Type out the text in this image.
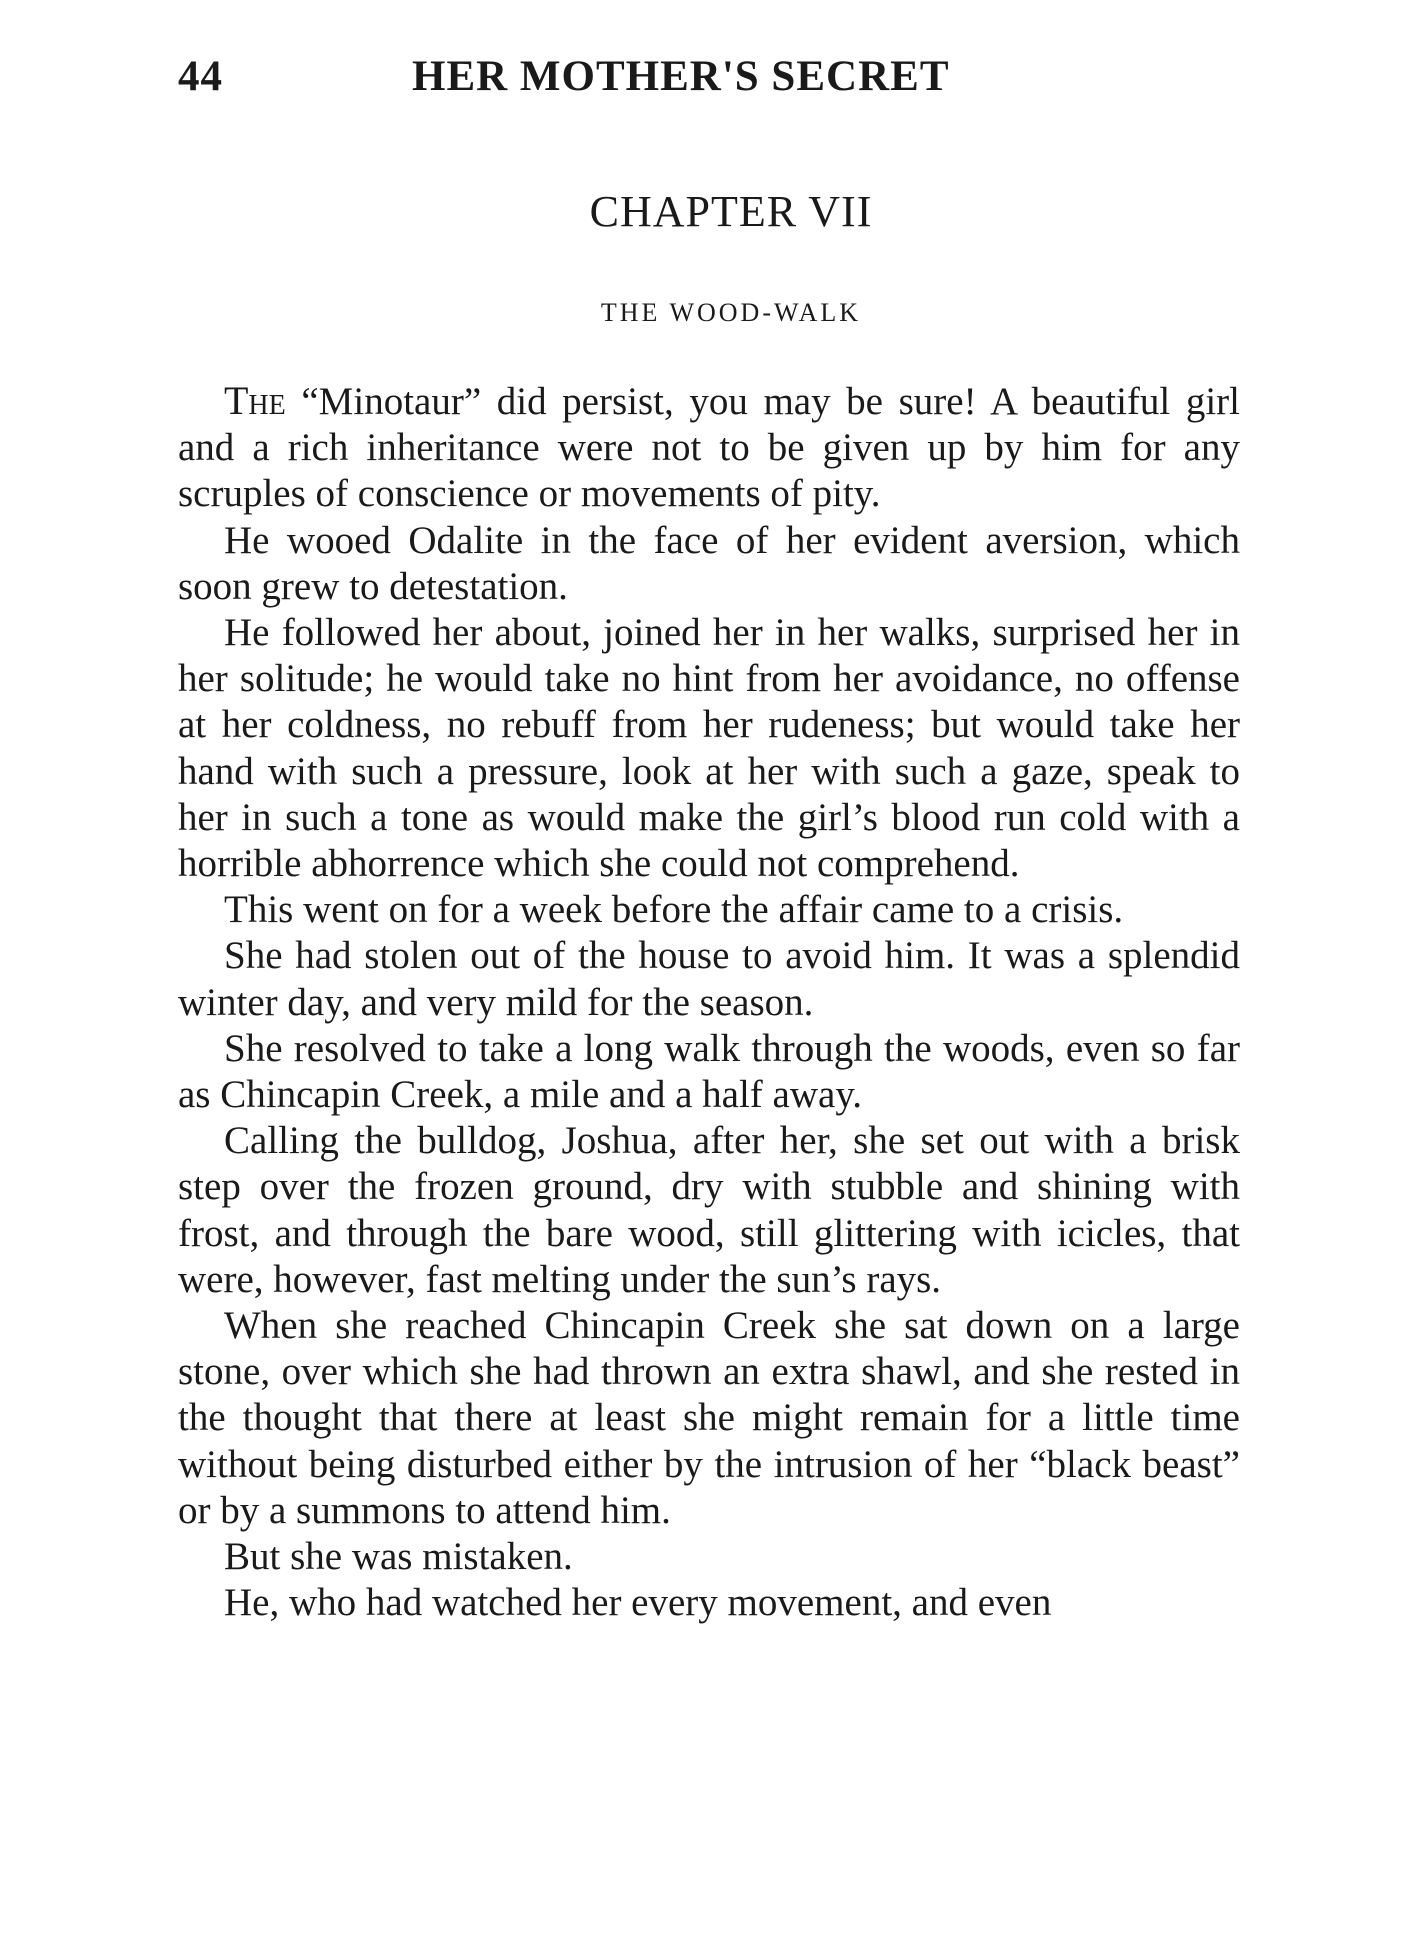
44	HER MOTHER'S SECRET
CHAPTER VII
THE WOOD-WALK

The “Minotaur” did persist, you may be sure! A beautiful girl and a rich inheritance were not to be given up by him for any scruples of conscience or movements of pity.

He wooed Odalite in the face of her evident aversion, which soon grew to detestation.

He followed her about, joined her in her walks, surprised her in her solitude; he would take no hint from her avoidance, no offense at her coldness, no rebuff from her rudeness; but would take her hand with such a pressure, look at her with such a gaze, speak to her in such a tone as would make the girl’s blood run cold with a horrible abhorrence which she could not comprehend.

This went on for a week before the affair came to a crisis.

She had stolen out of the house to avoid him. It was a splendid winter day, and very mild for the season.

She resolved to take a long walk through the woods, even so far as Chincapin Creek, a mile and a half away.

Calling the bulldog, Joshua, after her, she set out with a brisk step over the frozen ground, dry with stubble and shining with frost, and through the bare wood, still glittering with icicles, that were, however, fast melting under the sun’s rays.

When she reached Chincapin Creek she sat down on a large stone, over which she had thrown an extra shawl, and she rested in the thought that there at least she might remain for a little time without being disturbed either by the intrusion of her “black beast” or by a summons to attend him.

But she was mistaken.

He, who had watched her every movement, and even
